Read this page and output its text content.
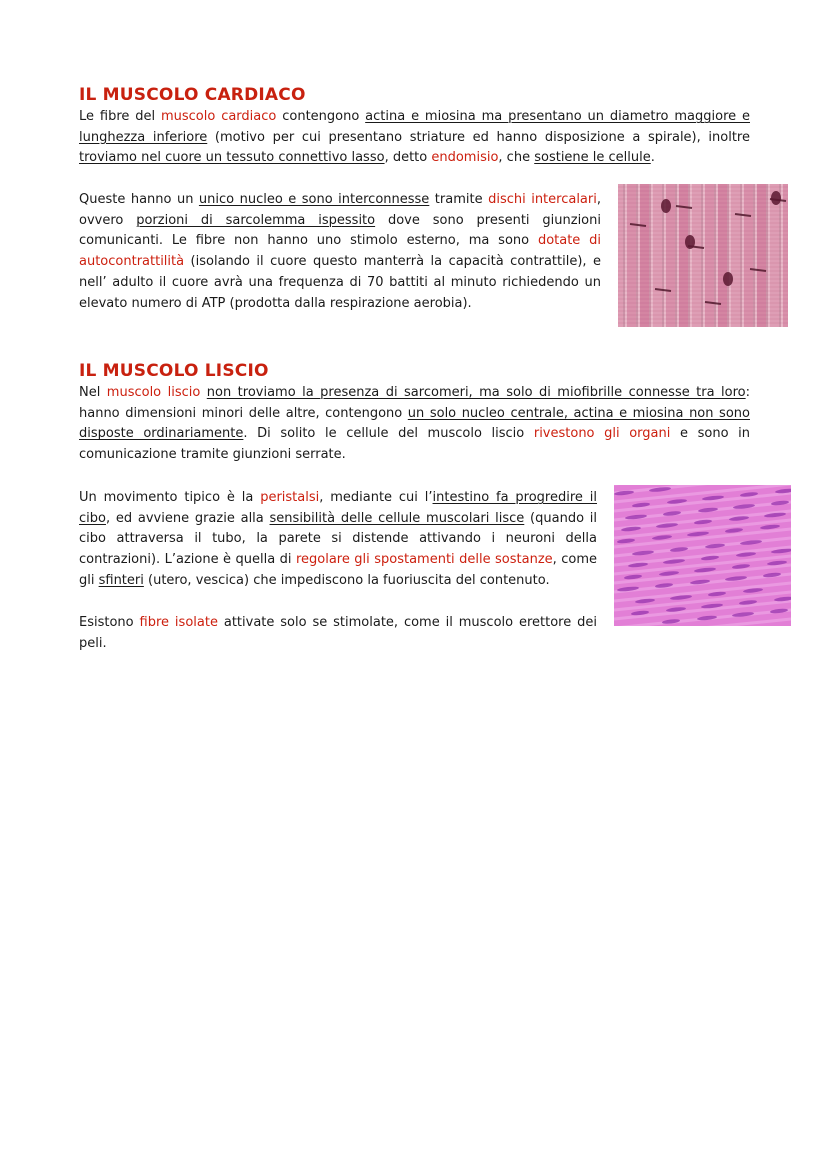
IL MUSCOLO CARDIACO

Le fibre del muscolo cardiaco contengono actina e miosina ma presentano un diametro maggiore e lunghezza inferiore (motivo per cui presentano striature ed hanno disposizione a spirale), inoltre troviamo nel cuore un tessuto connettivo lasso, detto endomisio, che sostiene le cellule.

Queste hanno un unico nucleo e sono interconnesse tramite dischi intercalari, ovvero porzioni di sarcolemma ispessito dove sono presenti giunzioni comunicanti. Le fibre non hanno uno stimolo esterno, ma sono dotate di autocontrattilità (isolando il cuore questo manterrà la capacità contrattile), e nell’ adulto il cuore avrà una frequenza di 70 battiti al minuto richiedendo un elevato numero di ATP (prodotta dalla respirazione aerobia).

IL MUSCOLO LISCIO

Nel muscolo liscio non troviamo la presenza di sarcomeri, ma solo di miofibrille connesse tra loro: hanno dimensioni minori delle altre, contengono un solo nucleo centrale, actina e miosina non sono disposte ordinariamente. Di solito le cellule del muscolo liscio rivestono gli organi e sono in comunicazione tramite giunzioni serrate.

Un movimento tipico è la peristalsi, mediante cui l’intestino fa progredire il cibo, ed avviene grazie alla sensibilità delle cellule muscolari lisce (quando il cibo attraversa il tubo, la parete si distende attivando i neuroni della contrazioni). L’azione è quella di regolare gli spostamenti delle sostanze, come gli sfinteri (utero, vescica) che impediscono la fuoriuscita del contenuto.

Esistono fibre isolate attivate solo se stimolate, come il muscolo erettore dei peli.
